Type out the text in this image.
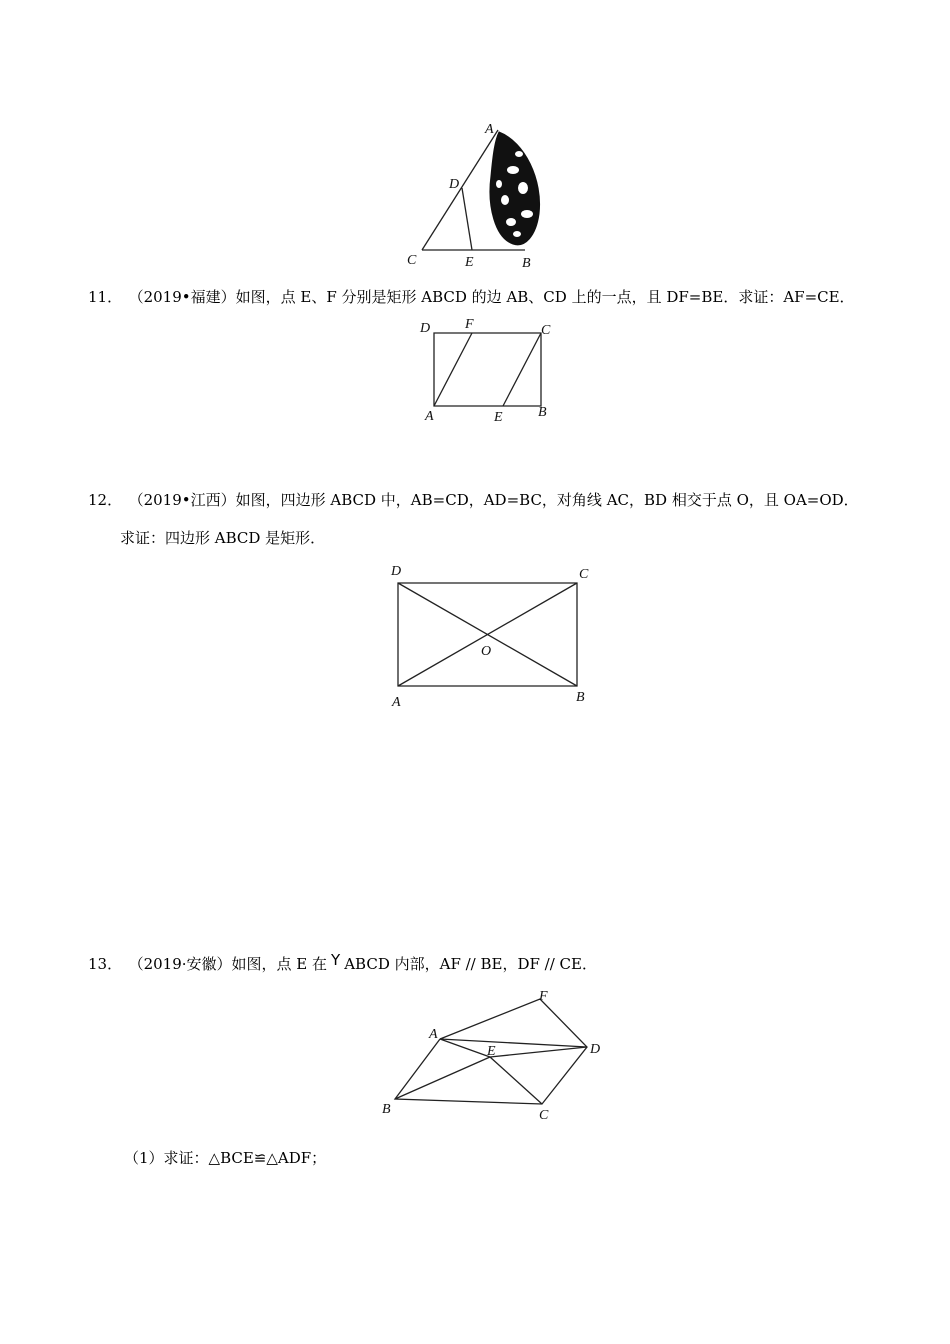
A
D
C	E	B
11． （2019•福建）如图，点 E、F 分别是矩形 ABCD 的边 AB、CD 上的一点，且 DF=BE．求证：AF=CE．
D F	C
A	E	B
12． （2019•江西）如图，四边形 ABCD 中，AB=CD，AD=BC，对角线 AC，BD 相交于点 O，且 OA=OD．
求证：四边形 ABCD 是矩形．
D	C
O
A	B
13． （2019·安徽）如图，点 E 在 Y ABCD 内部，AF // BE，DF // CE．
F
A
E	D
B	C
（1）求证：△BCE≌△ADF；
